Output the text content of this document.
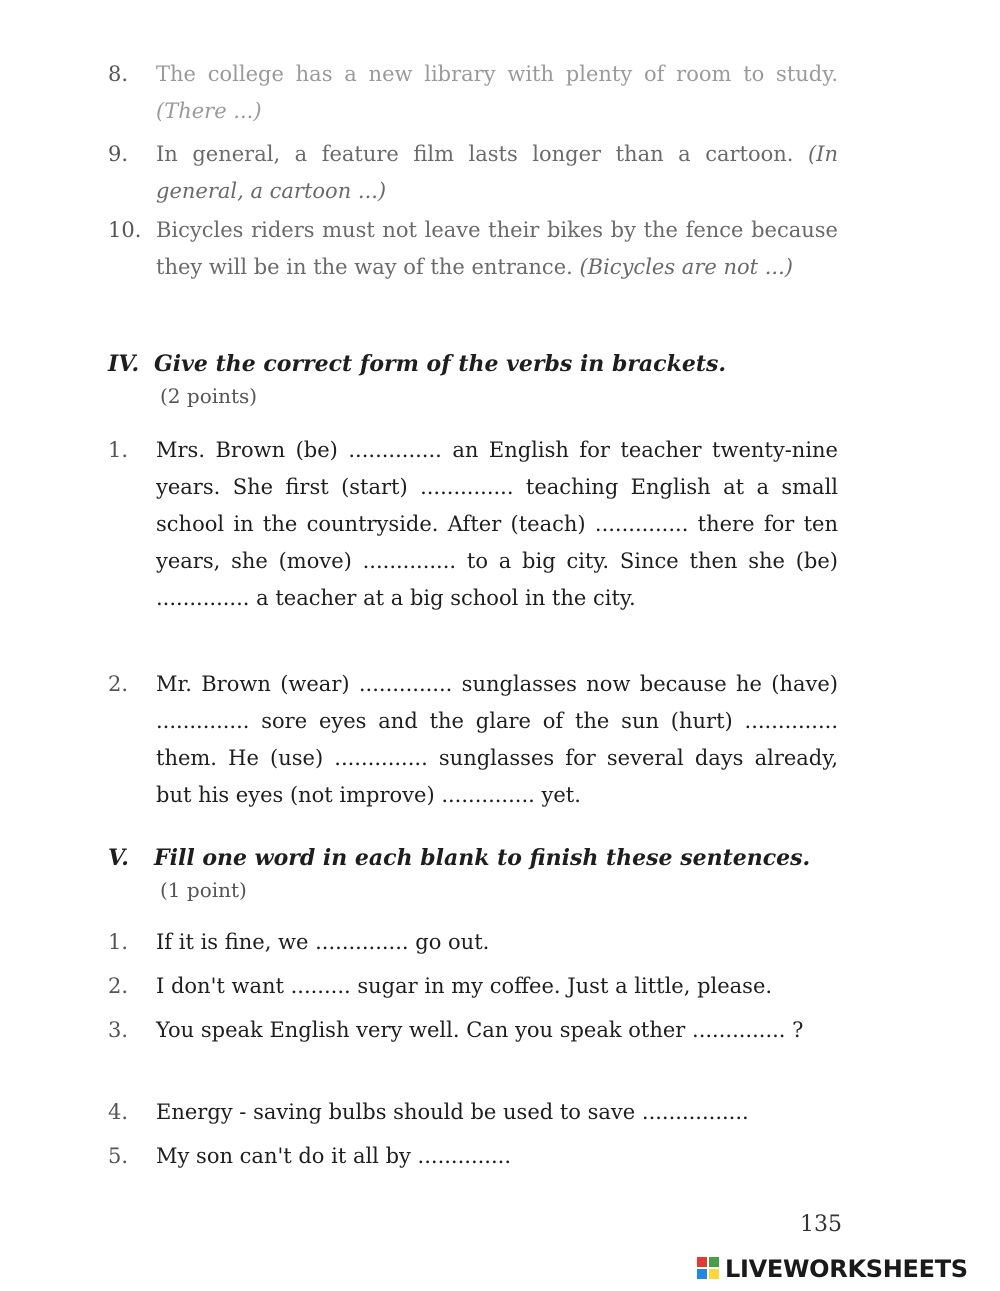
8.	The college has a new library with plenty of room to study. (There ...)
9.	In general, a feature film lasts longer than a cartoon. (In general, a cartoon ...)
10. Bicycles riders must not leave their bikes by the fence because they will be in the way of the entrance. (Bicycles are not ...)
IV. Give the correct form of the verbs in brackets.
(2 points)
1.	Mrs. Brown (be) .............. an English for teacher twenty-nine years. She first (start) .............. teaching English at a small school in the countryside. After (teach) .............. there for ten years, she (move) .............. to a big city. Since then she (be) .............. a teacher at a big school in the city.
2.	Mr. Brown (wear) .............. sunglasses now because he (have) .............. sore eyes and the glare of the sun (hurt) .............. them. He (use) .............. sunglasses for several days already, but his eyes (not improve) .............. yet.
V. Fill one word in each blank to finish these sentences.
(1 point)
1.	If it is fine, we .............. go out.
2.	I don't want ......... sugar in my coffee. Just a little, please.
3.	You speak English very well. Can you speak other .............. ?
4.	Energy - saving bulbs should be used to save ................
5.	My son can't do it all by ..............
135
LIVEWORKSHEETS
